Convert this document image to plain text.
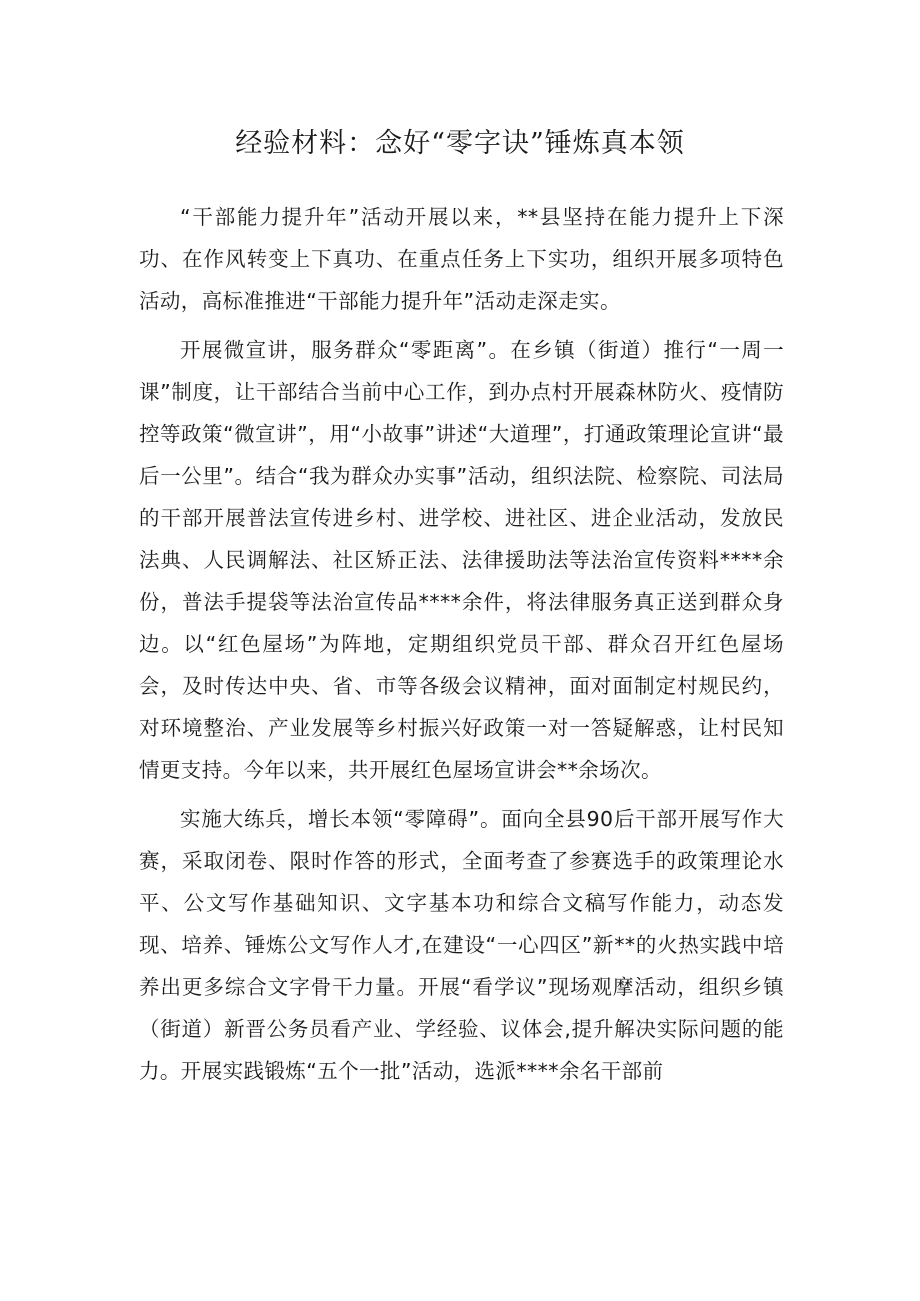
经验材料：念好“零字诀”锤炼真本领

“干部能力提升年”活动开展以来，**县坚持在能力提升上下深功、在作风转变上下真功、在重点任务上下实功，组织开展多项特色活动，高标准推进“干部能力提升年”活动走深走实。

开展微宣讲，服务群众“零距离”。在乡镇（街道）推行“一周一课”制度，让干部结合当前中心工作，到办点村开展森林防火、疫情防控等政策“微宣讲”，用“小故事”讲述“大道理”，打通政策理论宣讲“最后一公里”。结合“我为群众办实事”活动，组织法院、检察院、司法局的干部开展普法宣传进乡村、进学校、进社区、进企业活动，发放民法典、人民调解法、社区矫正法、法律援助法等法治宣传资料****余份，普法手提袋等法治宣传品****余件，将法律服务真正送到群众身边。以“红色屋场”为阵地，定期组织党员干部、群众召开红色屋场会，及时传达中央、省、市等各级会议精神，面对面制定村规民约，对环境整治、产业发展等乡村振兴好政策一对一答疑解惑，让村民知情更支持。今年以来，共开展红色屋场宣讲会**余场次。

实施大练兵，增长本领“零障碍”。面向全县90后干部开展写作大赛，采取闭卷、限时作答的形式，全面考查了参赛选手的政策理论水平、公文写作基础知识、文字基本功和综合文稿写作能力，动态发现、培养、锤炼公文写作人才,在建设“一心四区”新**的火热实践中培养出更多综合文字骨干力量。开展“看学议”现场观摩活动，组织乡镇（街道）新晋公务员看产业、学经验、议体会,提升解决实际问题的能力。开展实践锻炼“五个一批”活动，选派****余名干部前
